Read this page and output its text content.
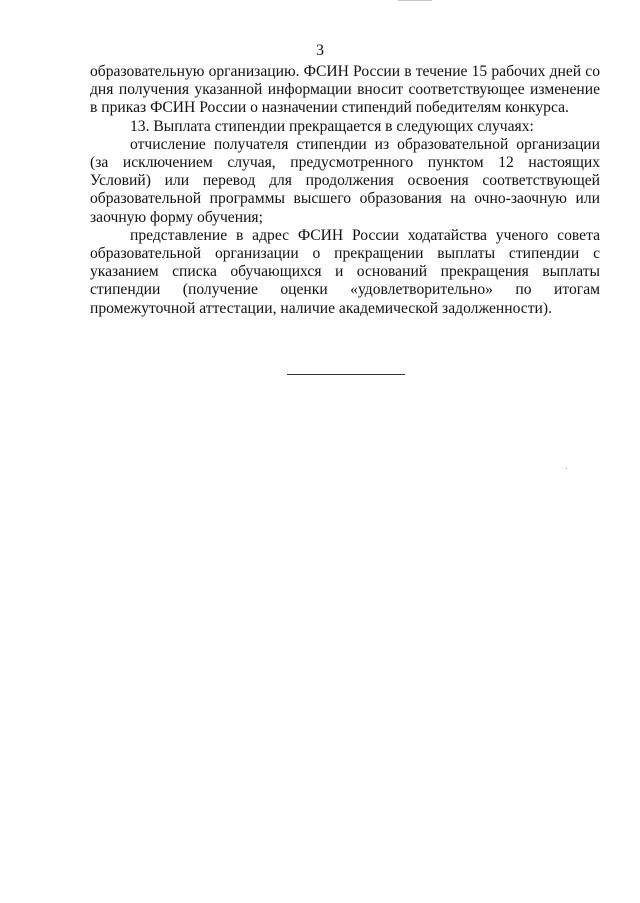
3

образовательную организацию. ФСИН России в течение 15 рабочих дней со дня получения указанной информации вносит соответствующее изменение в приказ ФСИН России о назначении стипендий победителям конкурса.

13. Выплата стипендии прекращается в следующих случаях:

отчисление получателя стипендии из образовательной организации (за исключением случая, предусмотренного пунктом 12 настоящих Условий) или перевод для продолжения освоения соответствующей образовательной программы высшего образования на очно-заочную или заочную форму обучения;

представление в адрес ФСИН России ходатайства ученого совета образовательной организации о прекращении выплаты стипендии с указанием списка обучающихся и оснований прекращения выплаты стипендии (получение оценки «удовлетворительно» по итогам промежуточной аттестации, наличие академической задолженности).
